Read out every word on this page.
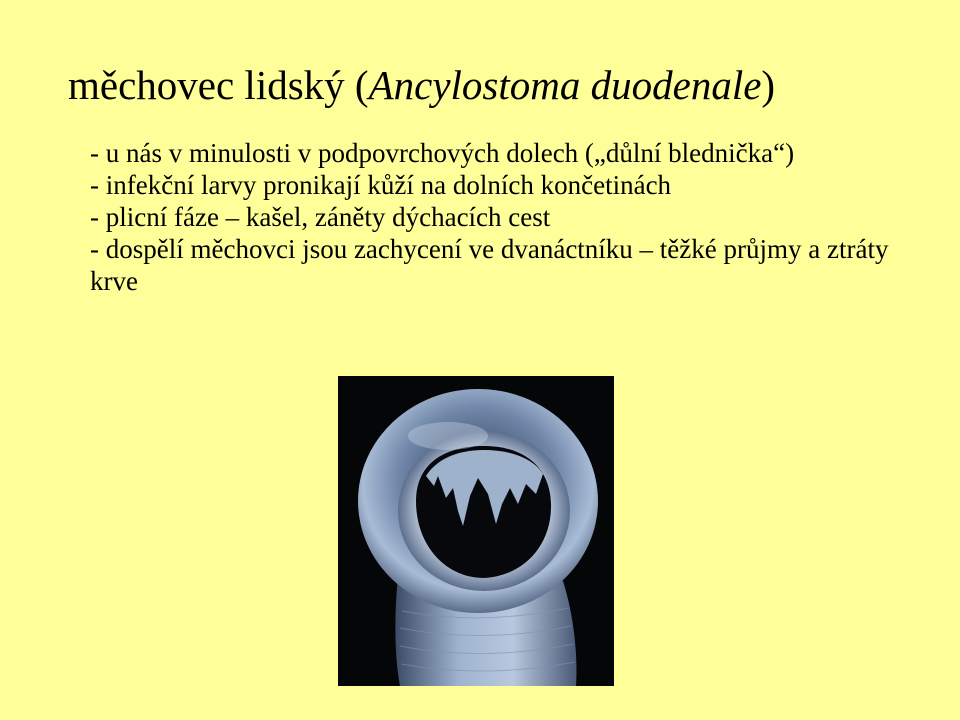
měchovec lidský (Ancylostoma duodenale)
- u nás v minulosti v podpovrchových dolech („důlní blednička“)
- infekční larvy pronikají kůží na dolních končetinách
- plicní fáze – kašel, záněty dýchacích cest
- dospělí měchovci jsou zachycení ve dvanáctníku – těžké průjmy a ztráty krve
